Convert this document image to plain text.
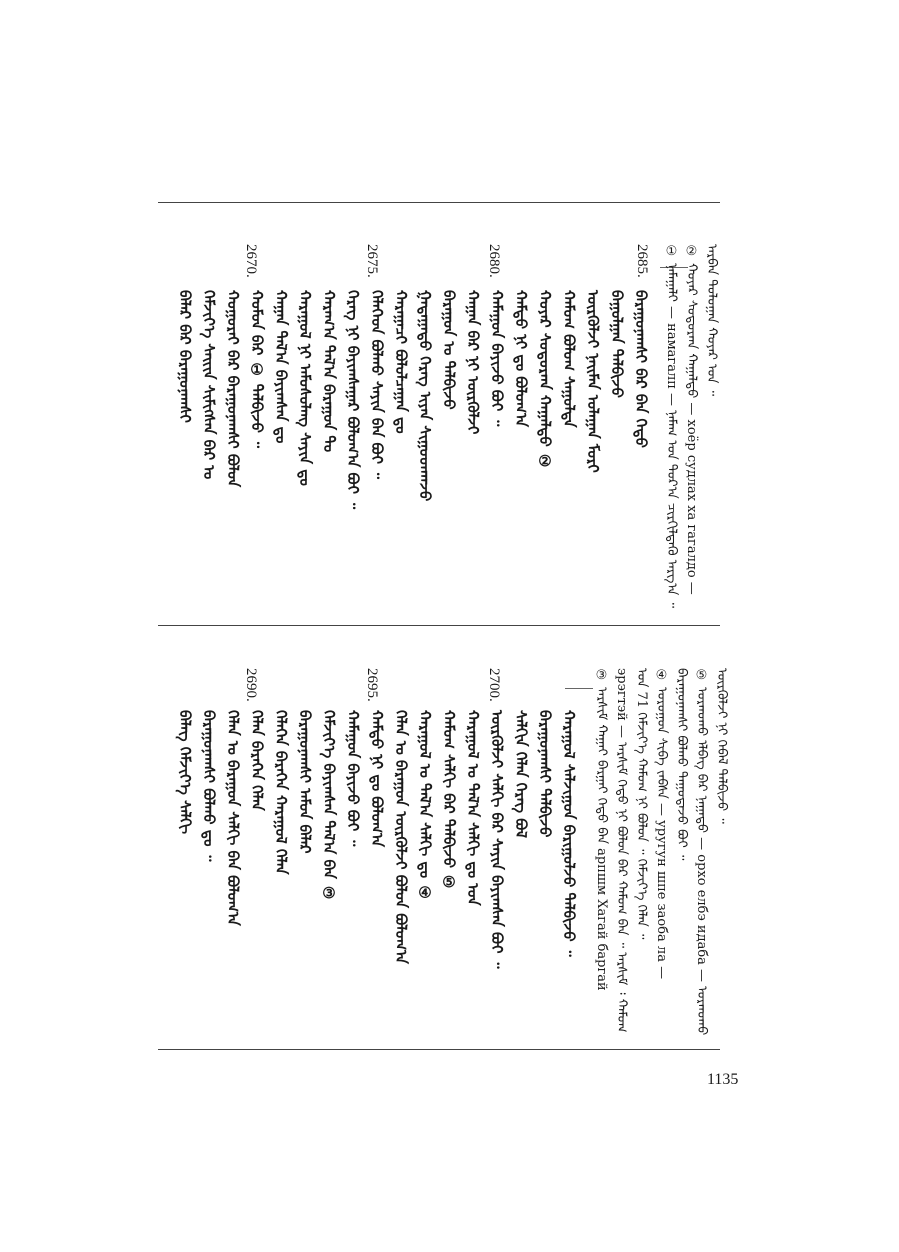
ᠠᠷᠪᠠᠨ ᠳᠣᠯᠣᠭᠠᠨ ᠬᠣᠶᠠᠷ ᠤᠨ ᠃
② ᠬᠣᠶᠠᠷ ᠰᠤᠳᠤᠷᠬᠠ ᠬᠠᠭᠠᠯᠳᠤ — хоёр судлах ха гагалдо —
① ᠨᠠᠮᠠᠭᠠᠯᠢ — намагалп — ᠨᠠᠮᠠᠭ ᠤᠨ ᠳᠣᠷ᠎ᠠ ᠴᠢᠷᠭᠢᠯᠳᠡᠬᠦ ᠠᠷᠭ᠎ᠠ ᠃
2685.
2680.
2675.
2670.
ᠪᠠᠷᠠᠭᠤᠨᠠᠭᠰᠢ ᠪᠡᠷ ᠪᠡᠨ ᠬᠡᠳᠦ
ᠪᠠᠭᠤᠯᠭᠠᠨ ᠲᠠᠯᠪᠢᠵᠤ
ᠦᠷᠭᠦᠯᠵᠢ ᠨᠠᠢᠮᠠᠨ ᠤᠯᠠᠭᠠᠨ ᠮᠣᠷᠢ
ᠬᠠᠮᠤᠭ ᠪᠤᠯᠤᠭ ᠰᠠᠭᠤᠯᠳᠠ
ᠬᠣᠶᠠᠷ ᠰᠤᠳᠤᠷᠬᠠ ᠬᠠᠭᠠᠯᠳᠤ ②
ᠬᠠᠮᠲᠤ ᠨᠢ ᠳᠤ ᠪᠣᠯᠤᠭ᠎ᠠ
ᠬᠠᠮᠠᠭᠤᠨ ᠪᠠᠶᠢᠵᠤ ᠪᠣᠢ ᠃
ᠬᠠᠭᠠᠨ ᠪᠡᠷ ᠨᠢ ᠦᠷᠭᠦᠯᠵᠢ
ᠪᠠᠷᠠᠭᠤᠨ ᠤ ᠲᠠᠯᠪᠢᠵᠤ
ᠭᠠᠳᠠᠭᠠᠳᠤ ᠬᠡᠷᠡᠭ ᠢᠶᠡᠨ ᠰᠢᠭᠤᠳᠬᠠᠵᠤ
ᠬᠠᠷᠠᠭᠠᠴᠢ ᠪᠤᠯᠤᠯᠴᠠᠭᠠᠨ ᠳᠣ
ᠬᠡᠯᠡᠭᠡᠳ ᠪᠤᠯᠬᠤ ᠰᠠᠶᠢᠨ ᠪᠡᠨ ᠪᠣᠢ ᠃
ᠬᠡᠷᠡᠭ ᠨᠢ ᠪᠠᠶᠢᠭᠰᠠᠭᠠᠷ ᠪᠣᠯᠤᠭ᠎ᠠ ᠪᠣᠢ ᠃
ᠬᠠᠷᠠᠭ᠎ᠠ ᠲᠠᠯ᠎ᠠ ᠪᠠᠷᠠᠭᠤᠨ ᠲᠣ
ᠬᠠᠷᠠᠭᠤᠯ ᠨᠢ ᠠᠮᠤᠰᠤᠯᠠᠩ ᠰᠠᠶᠢᠨ ᠳᠤ
ᠬᠠᠭᠠᠨ ᠲᠠᠯ᠎ᠠ ᠪᠠᠶᠢᠭᠰᠠᠨ ᠳᠤ
ᠬᠤᠮᠤᠨ ᠪᠡᠷ ① ᠲᠠᠯᠪᠢᠵᠤ ᠃
ᠬᠤᠭᠤᠷᠠᠢ ᠪᠡᠷ ᠪᠠᠷᠠᠭᠤᠨᠠᠭᠰᠢ ᠪᠣᠯᠤᠨ
ᠬᠡᠮᠵᠢᠶ᠎ᠡ ᠰᠠᠢᠢᠨ ᠰᠢᠮᠢᠭᠰᠡᠨ ᠪᠡᠷ ᠤ
ᠪᠠᠯᠠᠷ ᠪᠡᠷ ᠪᠠᠷᠠᠭᠤᠨᠠᠭᠰᠢ
ᠦᠷᠭᠦᠯᠵᠢ ᠨᠢ ᠬᠡᠪᠡᠯ ᠲᠠᠯᠪᠢᠵᠤ ᠃
⑤ ᠣᠷᠬᠤᠬᠤ ᠡᠯᠪᠡᠭ ᠪᠡᠷ ᠨᠠᠭᠠᠳᠤ — орхо елбэ идаба — ᠣᠷᠬᠤᠬᠤ
ᠪᠠᠷᠠᠭᠤᠨᠠᠭᠰᠢ ᠪᠣᠯᠬᠤ ᠳᠠᠭᠤᠳᠠᠵᠤ ᠪᠣᠢ ᠃
④ ᠤᠷᠤᠭᠤᠨ ᠰᠢᠪᠡ ᠵᠠᠪᠰᠠ — уругун шпе заоба ла —
ᠤᠨ 71 ᠬᠡᠮᠵᠢᠶ᠎ᠡ ᠬᠠᠮᠤᠭ ᠨᠢ ᠪᠣᠯᠤᠨ ᠃ ᠬᠡᠮᠵᠢᠶ᠎ᠡ ᠬᠡᠯᠡᠨ ᠃
эрэгтэй — ᠠᠷᠰᠢᠮ ᠬᠡᠳᠦ ᠨᠢ ᠪᠣᠯᠤᠨ ᠪᠡᠷ ᠬᠠᠮᠤᠭ ᠪᠡᠨ ᠃ ᠠᠷᠰᠢᠮ ᠄ ᠬᠠᠮᠤᠭ
③ ᠠᠷᠰᠢᠮ ᠬᠠᠭᠠᠢ ᠪᠠᠷᠭᠠᠢ ᠬᠡᠳᠦ ᠪᠡᠨ арпшм Хагай баргай
2700.
2695.
2690.
ᠬᠠᠷᠠᠭᠤᠯ ᠰᠠᠯᠵᠢᠭᠤᠨ ᠪᠠᠷᠢᠭᠤᠯᠵᠤ ᠲᠠᠯᠪᠢᠵᠤ ᠃
ᠪᠠᠷᠠᠭᠤᠨᠠᠭᠰᠢ ᠲᠠᠯᠪᠢᠵᠤ
ᠰᠠᠯᠬᠢᠨ ᠬᠡᠯᠡᠨ ᠬᠡᠷᠡᠭ ᠪᠣᠯ
ᠦᠷᠭᠦᠯᠵᠢ ᠰᠠᠯᠬᠢ ᠪᠡᠷ ᠰᠠᠶᠢᠨ ᠪᠠᠶᠢᠭᠰᠠᠨ ᠪᠣᠢ ᠃
ᠬᠠᠷᠠᠭᠤᠯ ᠤ ᠲᠠᠯ᠎ᠠ ᠰᠠᠯᠬᠢ ᠳᠤ ᠤᠨ
ᠬᠠᠮᠤᠭ ᠰᠠᠯᠬᠢ ᠪᠡᠷ ᠲᠠᠯᠪᠢᠵᠤ ⑤
ᠬᠠᠷᠠᠭᠤᠯ ᠤ ᠲᠠᠯ᠎ᠠ ᠰᠠᠯᠬᠢ ᠳᠤ ④
ᠬᠡᠯᠡᠨ ᠤ ᠪᠠᠷᠠᠭᠤᠨ ᠦᠷᠭᠦᠯᠵᠢ ᠪᠣᠯᠤᠨ ᠪᠣᠯᠤᠭ᠎ᠠ
ᠬᠠᠮᠲᠤ ᠨᠢ ᠳᠤ ᠪᠣᠯᠤᠭ᠎ᠠ
ᠬᠠᠮᠠᠭᠤᠨ ᠪᠠᠶᠢᠵᠤ ᠪᠣᠢ ᠃
ᠬᠡᠮᠵᠢᠶ᠎ᠡ ᠪᠠᠶᠢᠭᠰᠠᠨ ᠲᠠᠯ᠎ᠠ ᠪᠡᠨ ③
ᠪᠠᠷᠠᠭᠤᠨᠠᠭᠰᠢ ᠠᠮᠤᠨ ᠪᠠᠯᠠᠷ
ᠬᠡᠯᠡᠭᠡᠨ ᠪᠡᠷᠡᠭᠡᠨ ᠬᠠᠷᠠᠭᠤᠯ ᠬᠡᠯᠡᠨ
ᠬᠡᠯᠡᠨ ᠪᠡᠷᠡᠭᠡᠨ ᠬᠡᠯᠡᠨ
ᠬᠡᠯᠡᠨ ᠤ ᠪᠠᠷᠠᠭᠤᠨ ᠰᠠᠯᠬᠢ ᠪᠡᠨ ᠪᠣᠯᠤᠭ᠎ᠠ
ᠪᠠᠷᠠᠭᠤᠨᠠᠭᠰᠢ ᠪᠣᠯᠬᠤ ᠳᠤ ᠃
ᠪᠡᠯᠡᠭ ᠬᠡᠮᠵᠢᠶ᠎ᠡ ᠰᠠᠯᠬᠢ
1135
